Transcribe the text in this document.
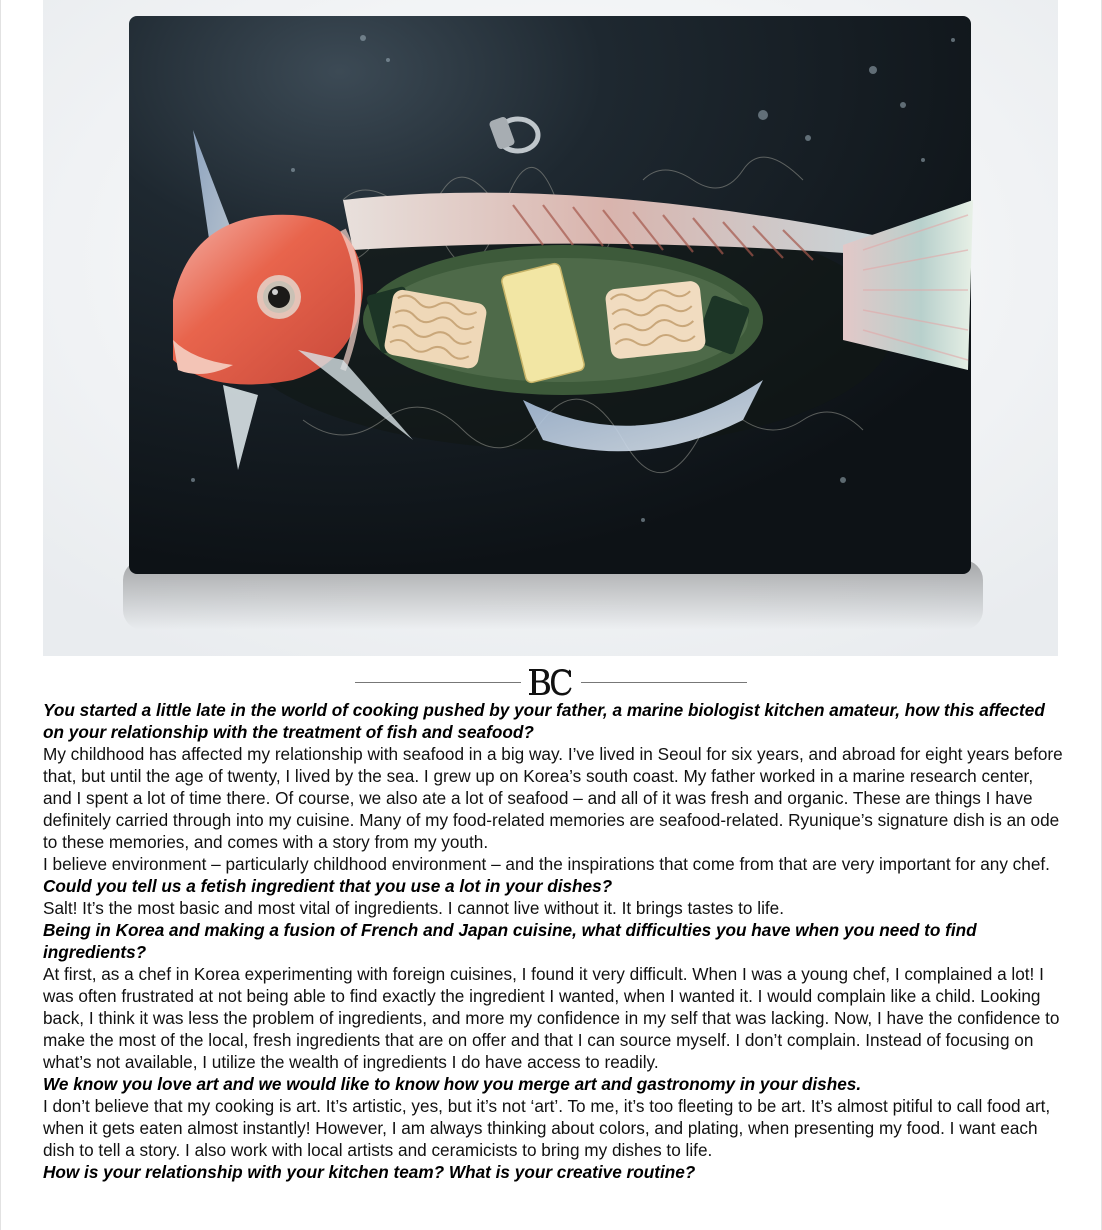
You started a little late in the world of cooking pushed by your father, a marine biologist kitchen amateur, how this affected on your relationship with the treatment of fish and seafood?

My childhood has affected my relationship with seafood in a big way. I’ve lived in Seoul for six years, and abroad for eight years before that, but until the age of twenty, I lived by the sea. I grew up on Korea’s south coast. My father worked in a marine research center, and I spent a lot of time there. Of course, we also ate a lot of seafood – and all of it was fresh and organic. These are things I have definitely carried through into my cuisine. Many of my food-related memories are seafood-related. Ryunique’s signature dish is an ode to these memories, and comes with a story from my youth.

I believe environment – particularly childhood environment – and the inspirations that come from that are very important for any chef.

Could you tell us a fetish ingredient that you use a lot in your dishes?

Salt! It’s the most basic and most vital of ingredients. I cannot live without it. It brings tastes to life.

Being in Korea and making a fusion of French and Japan cuisine, what difficulties you have when you need to find ingredients?

At first, as a chef in Korea experimenting with foreign cuisines, I found it very difficult. When I was a young chef, I complained a lot! I was often frustrated at not being able to find exactly the ingredient I wanted, when I wanted it. I would complain like a child. Looking back, I think it was less the problem of ingredients, and more my confidence in my self that was lacking. Now, I have the confidence to make the most of the local, fresh ingredients that are on offer and that I can source myself. I don’t complain. Instead of focusing on what’s not available, I utilize the wealth of ingredients I do have access to readily.

We know you love art and we would like to know how you merge art and gastronomy in your dishes.

I don’t believe that my cooking is art. It’s artistic, yes, but it’s not ‘art’. To me, it’s too fleeting to be art. It’s almost pitiful to call food art, when it gets eaten almost instantly! However, I am always thinking about colors, and plating, when presenting my food. I want each dish to tell a story. I also work with local artists and ceramicists to bring my dishes to life.

How is your relationship with your kitchen team? What is your creative routine?
